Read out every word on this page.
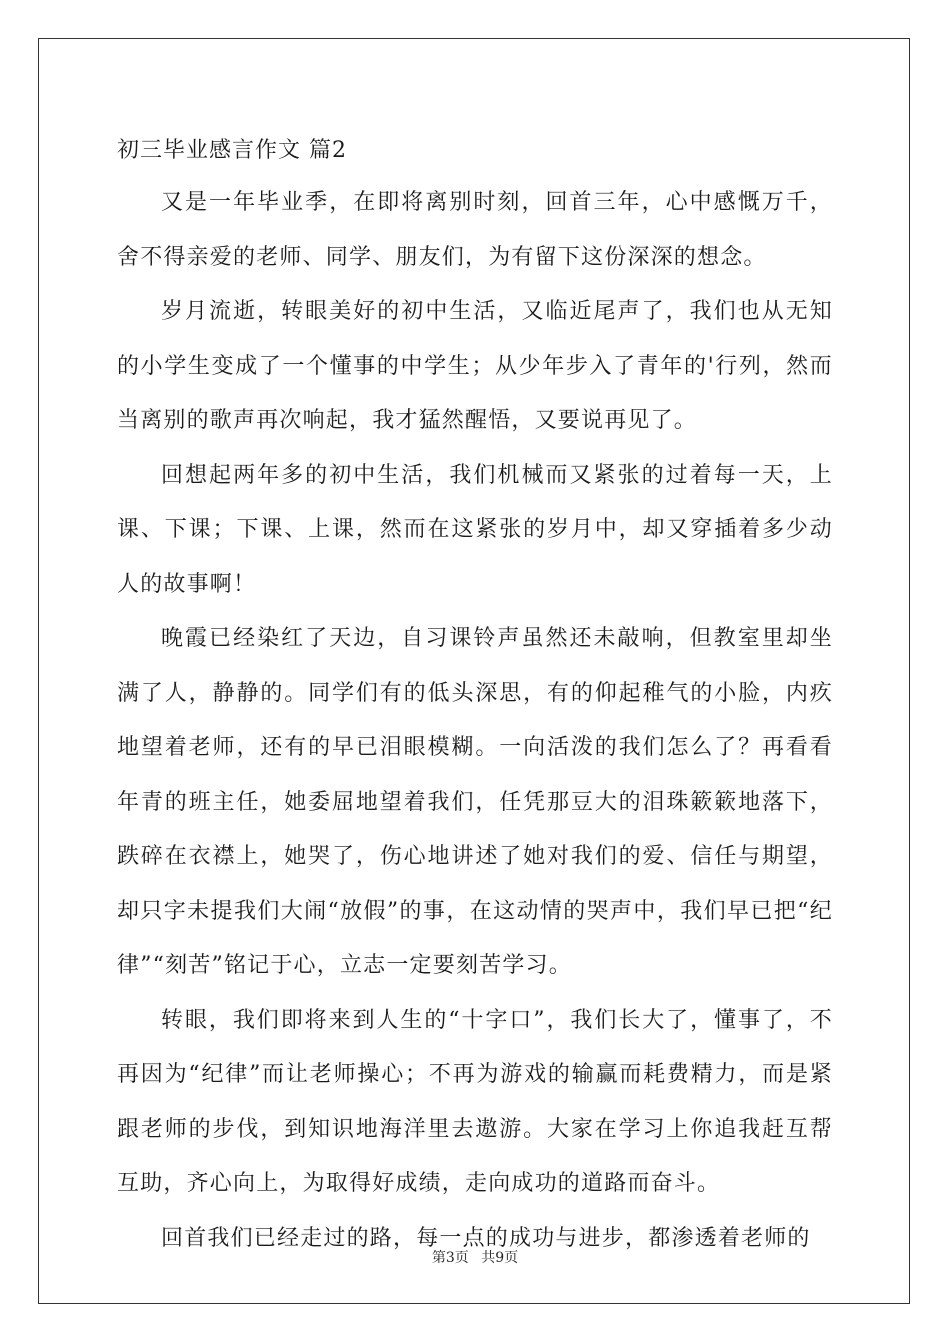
初三毕业感言作文 篇2

又是一年毕业季，在即将离别时刻，回首三年，心中感慨万千，舍不得亲爱的老师、同学、朋友们，为有留下这份深深的想念。

岁月流逝，转眼美好的初中生活，又临近尾声了，我们也从无知的小学生变成了一个懂事的中学生；从少年步入了青年的'行列，然而当离别的歌声再次响起，我才猛然醒悟，又要说再见了。

回想起两年多的初中生活，我们机械而又紧张的过着每一天，上课、下课；下课、上课，然而在这紧张的岁月中，却又穿插着多少动人的故事啊！

晚霞已经染红了天边，自习课铃声虽然还未敲响，但教室里却坐满了人，静静的。同学们有的低头深思，有的仰起稚气的小脸，内疚地望着老师，还有的早已泪眼模糊。一向活泼的我们怎么了？再看看年青的班主任，她委屈地望着我们，任凭那豆大的泪珠簌簌地落下，跌碎在衣襟上，她哭了，伤心地讲述了她对我们的爱、信任与期望，却只字未提我们大闹“放假”的事，在这动情的哭声中，我们早已把“纪律”“刻苦”铭记于心，立志一定要刻苦学习。

转眼，我们即将来到人生的“十字口”，我们长大了，懂事了，不再因为“纪律”而让老师操心；不再为游戏的输赢而耗费精力，而是紧跟老师的步伐，到知识地海洋里去遨游。大家在学习上你追我赶互帮互助，齐心向上，为取得好成绩，走向成功的道路而奋斗。

回首我们已经走过的路，每一点的成功与进步，都渗透着老师的

第3页 共9页
